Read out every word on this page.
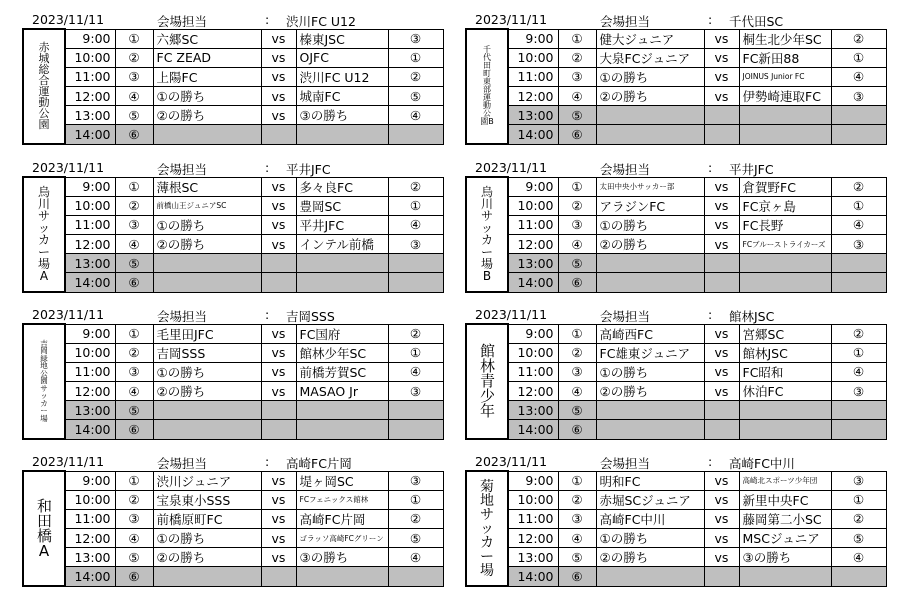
2023/11/11	会場担当	: 渋川FC U12
赤城総合運動公園	9:00	①	六郷SC	vs	榛東JSC	③
	10:00	②	FC ZEAD	vs	OJFC	①
	11:00	③	上陽FC	vs	渋川FC U12	②
	12:00	④	①の勝ち	vs	城南FC	⑤
	13:00	⑤	②の勝ち	vs	③の勝ち	④
	14:00	⑥				
2023/11/11	会場担当	: 千代田SC
千代田町東部運動公園B	9:00	①	健大ジュニア	vs	桐生北少年SC	②
	10:00	②	大泉FCジュニア	vs	FC新田88	①
	11:00	③	①の勝ち	vs	JOINUS Junior FC	④
	12:00	④	②の勝ち	vs	伊勢崎連取FC	③
	13:00	⑤				
	14:00	⑥				
2023/11/11	会場担当	: 平井JFC
烏川サッカー場A	9:00	①	薄根SC	vs	多々良FC	②
	10:00	②	前橋山王ジュニアSC	vs	豊岡SC	①
	11:00	③	①の勝ち	vs	平井JFC	④
	12:00	④	②の勝ち	vs	インテル前橋	③
	13:00	⑤				
	14:00	⑥				
2023/11/11	会場担当	: 平井JFC
烏川サッカー場B	9:00	①	太田中央小サッカー部	vs	倉賀野FC	②
	10:00	②	アラジンFC	vs	FC京ヶ島	①
	11:00	③	①の勝ち	vs	FC長野	④
	12:00	④	②の勝ち	vs	FCブルーストライカーズ	③
	13:00	⑤				
	14:00	⑥				
2023/11/11	会場担当	: 吉岡SSS
吉岡緑地公園サッカー場	9:00	①	毛里田JFC	vs	FC国府	②
	10:00	②	吉岡SSS	vs	館林少年SC	①
	11:00	③	①の勝ち	vs	前橋芳賀SC	④
	12:00	④	②の勝ち	vs	MASAO Jr	③
	13:00	⑤				
	14:00	⑥				
2023/11/11	会場担当	: 館林JSC
館林青少年	9:00	①	高崎西FC	vs	宮郷SC	②
	10:00	②	FC雄東ジュニア	vs	館林JSC	①
	11:00	③	①の勝ち	vs	FC昭和	④
	12:00	④	②の勝ち	vs	休泊FC	③
	13:00	⑤				
	14:00	⑥				
2023/11/11	会場担当	: 高崎FC片岡
和田橋A	9:00	①	渋川ジュニア	vs	堤ヶ岡SC	③
	10:00	②	宝泉東小SSS	vs	FCフェニックス館林	①
	11:00	③	前橋原町FC	vs	高崎FC片岡	②
	12:00	④	①の勝ち	vs	ゴラッソ高崎FCグリーン	⑤
	13:00	⑤	②の勝ち	vs	③の勝ち	④
	14:00	⑥				
2023/11/11	会場担当	: 高崎FC中川
菊地サッカー場	9:00	①	明和FC	vs	高崎北スポーツ少年団	③
	10:00	②	赤堀SCジュニア	vs	新里中央FC	①
	11:00	③	高崎FC中川	vs	藤岡第二小SC	②
	12:00	④	①の勝ち	vs	MSCジュニア	⑤
	13:00	⑤	②の勝ち	vs	③の勝ち	④
	14:00	⑥				
